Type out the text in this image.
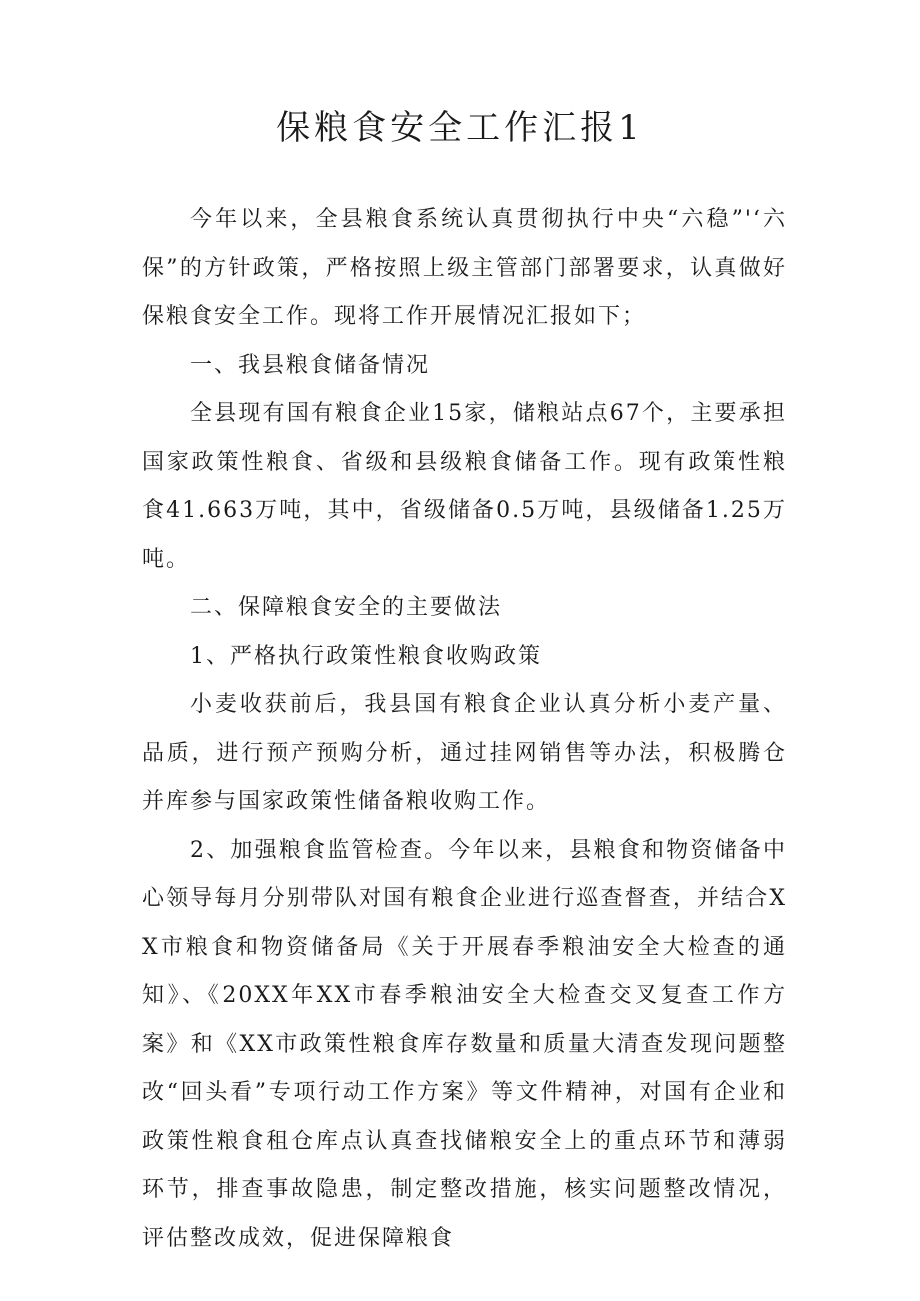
保粮食安全工作汇报1

今年以来，全县粮食系统认真贯彻执行中央“六稳”'‘六保”的方针政策，严格按照上级主管部门部署要求，认真做好保粮食安全工作。现将工作开展情况汇报如下；

一、我县粮食储备情况

全县现有国有粮食企业15家，储粮站点67个，主要承担国家政策性粮食、省级和县级粮食储备工作。现有政策性粮食41.663万吨，其中，省级储备0.5万吨，县级储备1.25万吨。

二、保障粮食安全的主要做法

1、严格执行政策性粮食收购政策

小麦收获前后，我县国有粮食企业认真分析小麦产量、品质，进行预产预购分析，通过挂网销售等办法，积极腾仓并库参与国家政策性储备粮收购工作。

2、加强粮食监管检查。今年以来，县粮食和物资储备中心领导每月分别带队对国有粮食企业进行巡查督查，并结合XX市粮食和物资储备局《关于开展春季粮油安全大检查的通知》、《20XX年XX市春季粮油安全大检查交叉复查工作方案》和《XX市政策性粮食库存数量和质量大清查发现问题整改“回头看”专项行动工作方案》等文件精神，对国有企业和政策性粮食租仓库点认真查找储粮安全上的重点环节和薄弱环节，排查事故隐患，制定整改措施，核实问题整改情况，评估整改成效，促进保障粮食
